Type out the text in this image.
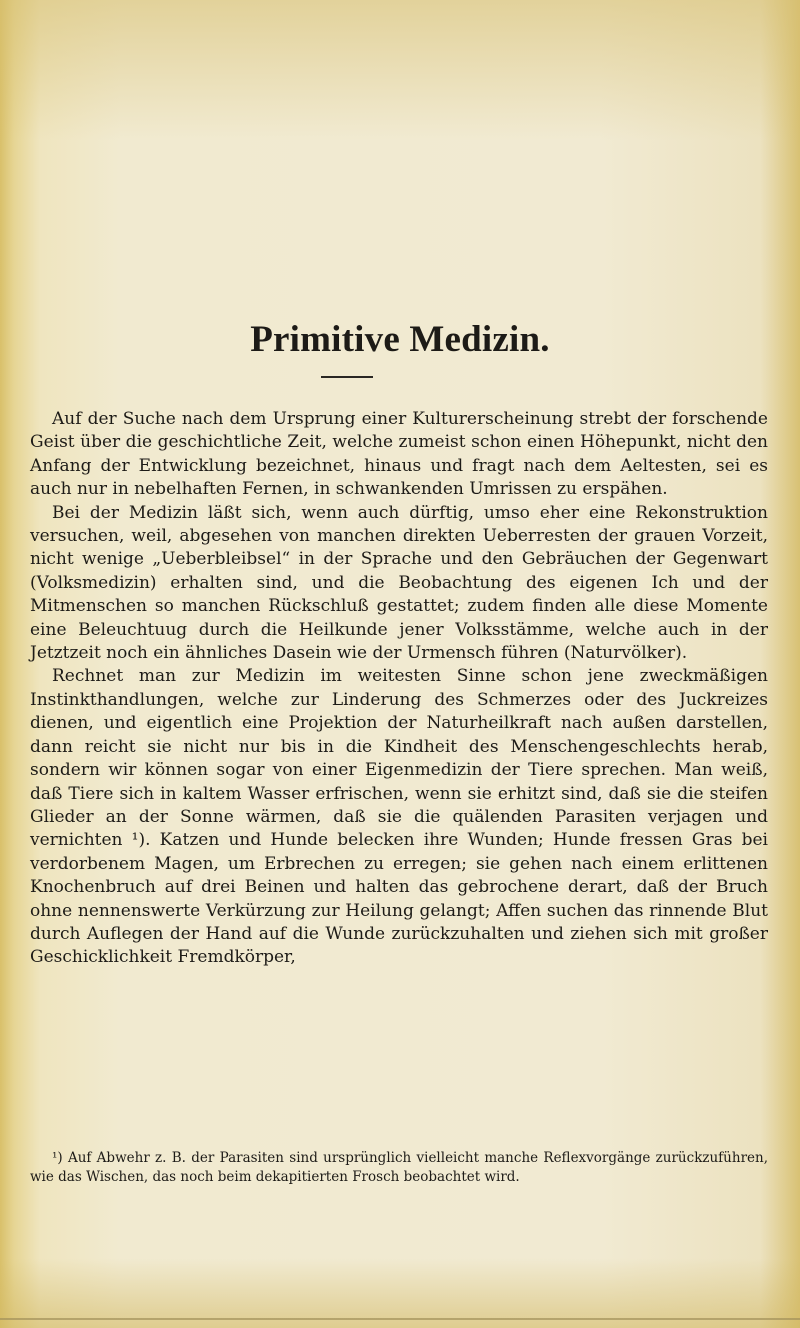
Primitive Medizin.

Auf der Suche nach dem Ursprung einer Kulturerscheinung strebt der forschende Geist über die geschichtliche Zeit, welche zumeist schon einen Höhepunkt, nicht den Anfang der Entwicklung bezeichnet, hinaus und fragt nach dem Aeltesten, sei es auch nur in nebelhaften Fernen, in schwankenden Umrissen zu erspähen.

Bei der Medizin läßt sich, wenn auch dürftig, umso eher eine Rekonstruktion versuchen, weil, abgesehen von manchen direkten Ueberresten der grauen Vorzeit, nicht wenige „Ueberbleibsel“ in der Sprache und den Gebräuchen der Gegenwart (Volksmedizin) erhalten sind, und die Beobachtung des eigenen Ich und der Mitmenschen so manchen Rückschluß gestattet; zudem finden alle diese Momente eine Beleuchtuug durch die Heilkunde jener Volksstämme, welche auch in der Jetztzeit noch ein ähnliches Dasein wie der Urmensch führen (Naturvölker).

Rechnet man zur Medizin im weitesten Sinne schon jene zweckmäßigen Instinkthandlungen, welche zur Linderung des Schmerzes oder des Juckreizes dienen, und eigentlich eine Projektion der Naturheilkraft nach außen darstellen, dann reicht sie nicht nur bis in die Kindheit des Menschengeschlechts herab, sondern wir können sogar von einer Eigenmedizin der Tiere sprechen. Man weiß, daß Tiere sich in kaltem Wasser erfrischen, wenn sie erhitzt sind, daß sie die steifen Glieder an der Sonne wärmen, daß sie die quälenden Parasiten verjagen und vernichten ¹). Katzen und Hunde belecken ihre Wunden; Hunde fressen Gras bei verdorbenem Magen, um Erbrechen zu erregen; sie gehen nach einem erlittenen Knochenbruch auf drei Beinen und halten das gebrochene derart, daß der Bruch ohne nennenswerte Verkürzung zur Heilung gelangt; Affen suchen das rinnende Blut durch Auflegen der Hand auf die Wunde zurückzuhalten und ziehen sich mit großer Geschicklichkeit Fremdkörper,

¹) Auf Abwehr z. B. der Parasiten sind ursprünglich vielleicht manche Reflexvorgänge zurückzuführen, wie das Wischen, das noch beim dekapitierten Frosch beobachtet wird.
